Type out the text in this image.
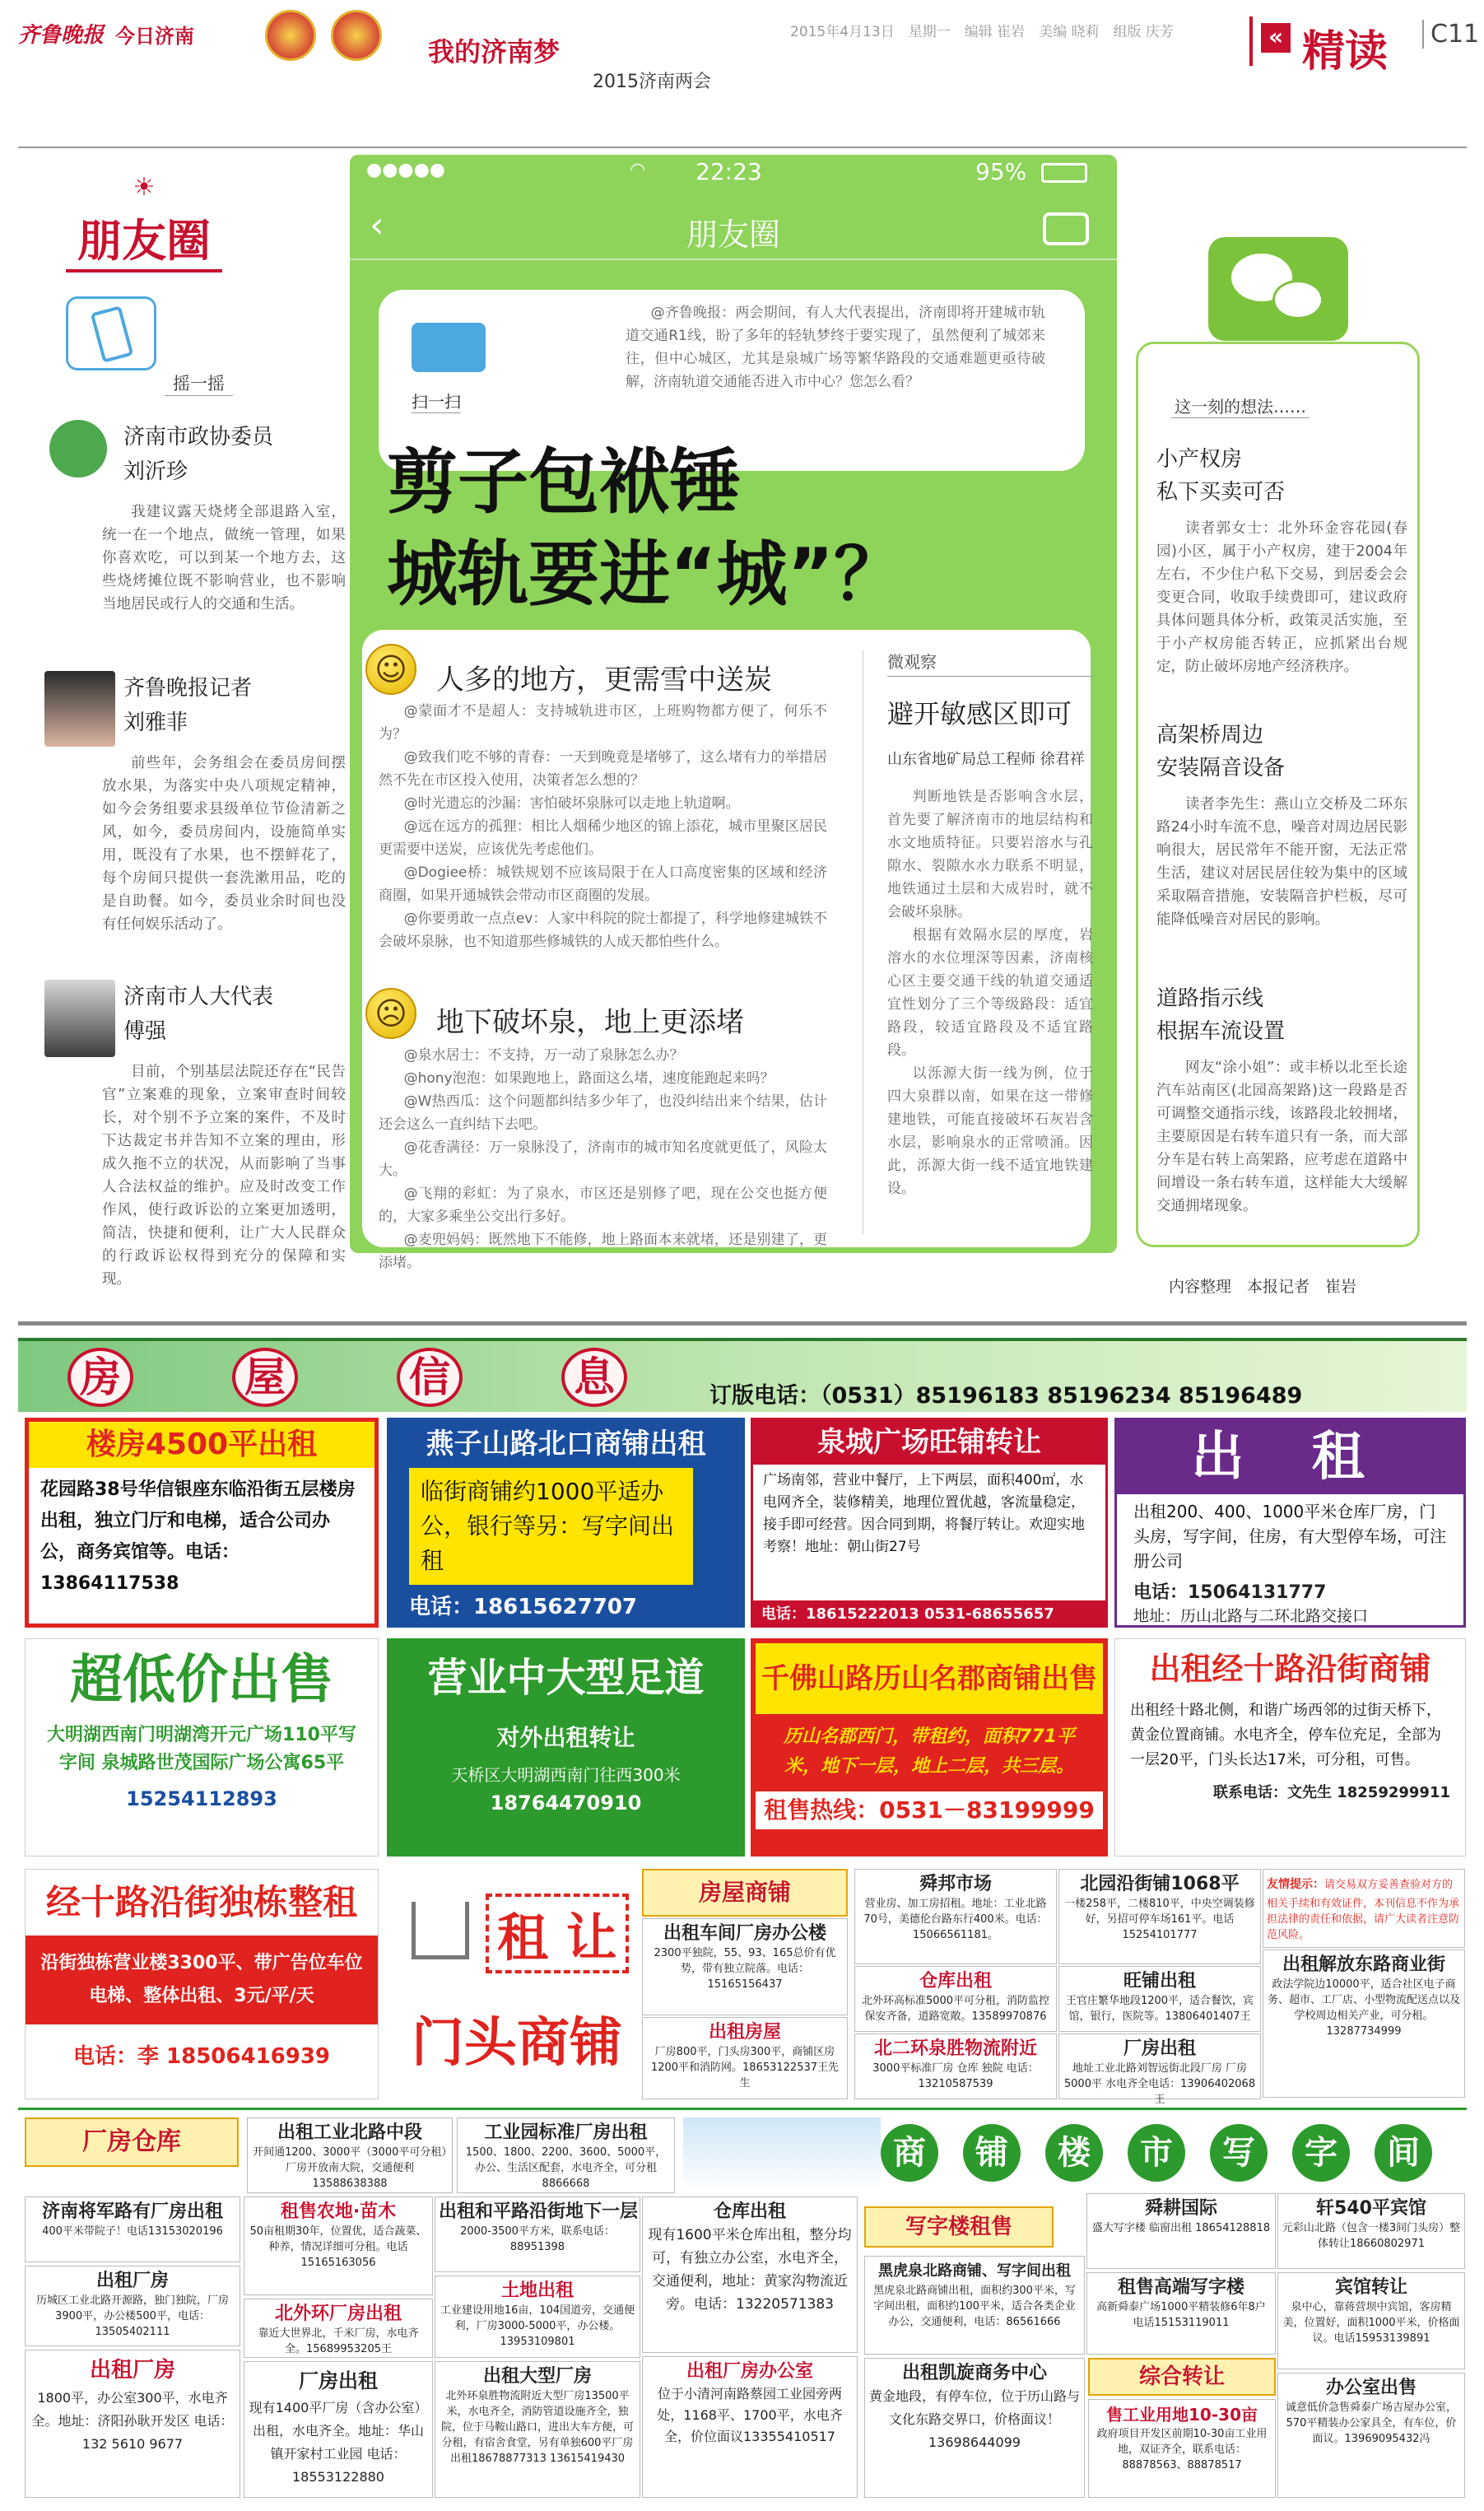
齐鲁晚报 今日济南	我的济南梦
2015济南两会
2015年4月13日　星期一　编辑 崔岩　美编 晓莉　组版 庆芳	« 精读	C11
☀
朋友圈
摇一摇
济南市政协委员
刘沂珍
我建议露天烧烤全部退路入室，统一在一个地点，做统一管理，如果你喜欢吃，可以到某一个地方去，这些烧烤摊位既不影响营业，也不影响当地居民或行人的交通和生活。
齐鲁晚报记者
刘雅菲
前些年，会务组会在委员房间摆放水果，为落实中央八项规定精神，如今会务组要求县级单位节俭清新之风，如今，委员房间内，设施简单实用，既没有了水果，也不摆鲜花了，每个房间只提供一套洗漱用品，吃的是自助餐。如今，委员业余时间也没有任何娱乐活动了。
济南市人大代表
傅强
目前，个别基层法院还存在“民告官”立案难的现象，立案审查时间较长，对个别不予立案的案件，不及时下达裁定书并告知不立案的理由，形成久拖不立的状况，从而影响了当事人合法权益的维护。应及时改变工作作风，使行政诉讼的立案更加透明，简洁，快捷和便利，让广大人民群众的行政诉讼权得到充分的保障和实现。
●●●●●	◠ 22:23	95%
‹	朋友圈
扫一扫
@齐鲁晚报：两会期间，有人大代表提出，济南即将开建城市轨道交通R1线，盼了多年的轻轨梦终于要实现了，虽然便利了城郊来往，但中心城区，尤其是泉城广场等繁华路段的交通难题更亟待破解，济南轨道交通能否进入市中心？您怎么看？
剪子包袱锤
城轨要进“城”？
☺	人多的地方，更需雪中送炭

@蒙面才不是超人：支持城轨进市区，上班购物都方便了，何乐不为？

@致我们吃不够的青春：一天到晚竟是堵够了，这么堵有力的举措居然不先在市区投入使用，决策者怎么想的？

@时光遗忘的沙漏：害怕破坏泉脉可以走地上轨道啊。

@远在远方的孤狸：相比人烟稀少地区的锦上添花，城市里聚区居民更需要中送炭，应该优先考虑他们。

@Dogiee桥：城铁规划不应该局限于在人口高度密集的区域和经济商圈，如果开通城铁会带动市区商圈的发展。

@你要勇敢一点点ev：人家中科院的院士都提了，科学地修建城铁不会破坏泉脉，也不知道那些修城铁的人成天都怕些什么。

☹	地下破坏泉，地上更添堵

@泉水居士：不支持，万一动了泉脉怎么办？

@hony泡泡：如果跑地上，路面这么堵，速度能跑起来吗？

@W热西瓜：这个问题都纠结多少年了，也没纠结出来个结果，估计还会这么一直纠结下去吧。

@花香满径：万一泉脉没了，济南市的城市知名度就更低了，风险太大。

@飞翔的彩虹：为了泉水，市区还是别修了吧，现在公交也挺方便的，大家多乘坐公交出行多好。

@麦兜妈妈：既然地下不能修，地上路面本来就堵，还是别建了，更添堵。

微观察
避开敏感区即可
山东省地矿局总工程师 徐君祥

判断地铁是否影响含水层，首先要了解济南市的地层结构和水文地质特征。只要岩溶水与孔隙水、裂隙水水力联系不明显，地铁通过土层和大成岩时，就不会破坏泉脉。

根据有效隔水层的厚度，岩溶水的水位埋深等因素，济南核心区主要交通干线的轨道交通适宜性划分了三个等级路段：适宜路段，较适宜路段及不适宜路段。

以泺源大街一线为例，位于四大泉群以南，如果在这一带修建地铁，可能直接破坏石灰岩含水层，影响泉水的正常喷涌。因此，泺源大街一线不适宜地铁建设。

这一刻的想法……
小产权房
私下买卖可否

读者郭女士：北外环金容花园(春园)小区，属于小产权房，建于2004年左右，不少住户私下交易，到居委会会变更合同，收取手续费即可，建议政府具体问题具体分析，政策灵活实施，至于小产权房能否转正，应抓紧出台规定，防止破坏房地产经济秩序。

高架桥周边
安装隔音设备

读者李先生：燕山立交桥及二环东路24小时车流不息，噪音对周边居民影响很大，居民常年不能开窗，无法正常生活，建议对居民居住较为集中的区域采取隔音措施，安装隔音护栏板，尽可能降低噪音对居民的影响。

道路指示线
根据车流设置

网友“涂小姐”：或丰桥以北至长途汽车站南区(北园高架路)这一段路是否可调整交通指示线，该路段北较拥堵，主要原因是右转车道只有一条，而大部分车是右转上高架路，应考虑在道路中间增设一条右转车道，这样能大大缓解交通拥堵现象。

内容整理　本报记者　崔岩
房	屋	信	息	订版电话：（0531）85196183 85196234 85196489
楼房4500平出租
花园路38号华信银座东临沿街五层楼房出租，独立门厅和电梯，适合公司办公，商务宾馆等。电话：13864117538
燕子山路北口商铺出租
临街商铺约1000平适办公，银行等另：写字间出租
电话：18615627707
泉城广场旺铺转让
广场南邻，营业中餐厅，上下两层，面积400㎡，水电网齐全，装修精美，地理位置优越，客流量稳定，接手即可经营。因合同到期，将餐厅转让。欢迎实地考察！地址：朝山街27号
电话：18615222013 0531-68655657
出 租
出租200、400、1000平米仓库厂房，门头房，写字间，住房，有大型停车场，可注册公司
电话：15064131777
地址：历山北路与二环北路交接口
超低价出售
大明湖西南门明湖湾开元广场110平写字间 泉城路世茂国际广场公寓65平
15254112893
营业中大型足道
对外出租转让
天桥区大明湖西南门往西300米
18764470910
千佛山路历山名郡商铺出售
历山名郡西门，带租约，面积771平米，地下一层，地上二层，共三层。
租售热线：0531－83199999
出租经十路沿街商铺
出租经十路北侧，和谐广场西邻的过街天桥下，黄金位置商铺。水电齐全，停车位充足，全部为一层20平，门头长达17米，可分租，可售。
联系电话：文先生 18259299911
经十路沿街独栋整租
沿街独栋营业楼3300平、带广告位车位电梯、整体出租、3元/平/天
电话：李 18506416939
租 让
门头商铺
房屋商铺	舜邦市场
营业房、加工房招租。地址：工业北路70号，美德伦台路东行400米。电话：15066561181。
北园沿街铺1068平
一楼258平，二楼810平，中央空调装修好，另招可停车场161平。电话15254101777
友情提示：请交易双方妥善查验对方的相关手续和有效证件，本刊信息不作为承担法律的责任和依据，请广大读者注意防范风险。
出租车间厂房办公楼
2300平独院，55、93、165总价有优势，带有独立院落。电话：15165156437	仓库出租
北外环高标准5000平可分租，消防监控保安齐备，道路宽敞。13589970876
旺铺出租
王官庄繁华地段1200平，适合餐饮，宾馆，银行，医院等。13806401407王
出租解放东路商业街
政法学院边10000平，适合社区电子商务、超市、工厂店、小型物流配送点以及学校周边相关产业，可分租。13287734999
出租房屋
厂房800平，门头房300平，商铺区房1200平和消防网。18653122537王先生
北二环泉胜物流附近
3000平标准厂房 仓库 独院 电话：13210587539
厂房出租
地址工业北路刘智远街北段厂房 厂房5000平 水电齐全电话：13906402068 王
厂房仓库	商	铺	楼	市	写	字	间
出租工业北路中段
开间通1200、3000平（3000平可分租）厂房开放南大院，交通便利13588638388
工业园标准厂房出租
1500、1800、2200、3600、5000平，办公、生活区配套，水电齐全，可分租8866668
舜耕国际
盛大写字楼 临窗出租 18654128818
轩540平宾馆
元彩山北路（包含一楼3间门头房）整体转让18660802971
济南将军路有厂房出租
400平米带院子！电话13153020196
租售农地·苗木
50亩租期30年，位置优，适合蔬菜、种养，情况详细可分租。电话15165163056
出租和平路沿街地下一层
2000-3500平方米，联系电话：88951398
仓库出租
现有1600平米仓库出租，整分均可，有独立办公室，水电齐全，交通便利，地址：黄家沟物流近旁。电话：13220571383
写字楼租售
黑虎泉北路商铺、写字间出租
黑虎泉北路商铺出租，面积约300平米，写字间出租，面积约100平米，适合各类企业办公，交通便利，电话：86561666
宾馆转让
泉中心，靠蒋营坝中宾馆，客房精美，位置好，面积1000平米，价格面议。电话15953139891
出租厂房
历城区工业北路开源路，独门独院，厂房3900平，办公楼500平，电话：13505402111
北外环厂房出租
靠近大世界北，千米厂房，水电齐全。15689953205王
土地出租
工业建设用地16亩，104国道旁，交通便利，厂房3000-5000平，办公楼。13953109801
租售高端写字楼
高新舜泰广场1000平精装修6年8户 电话15153119011
出租厂房
1800平，办公室300平，水电齐全。地址：济阳孙耿开发区 电话：132 5610 9677
厂房出租
现有1400平厂房（含办公室）出租，水电齐全。地址：华山镇开家村工业园 电话：18553122880
出租大型厂房
北外环泉胜物流附近大型厂房13500平米，水电齐全，消防管道设施齐全，独院，位于马鞍山路口，进出大车方便，可分租，有宿舍食堂，另有单独600平厂房出租18678877313 13615419430
出租厂房办公室
位于小清河南路蔡园工业园旁两处，1168平、1700平，水电齐全，价位面议13355410517
出租凯旋商务中心
黄金地段，有停车位，位于历山路与文化东路交界口，价格面议！13698644099
综合转让
售工业用地10-30亩
政府项目开发区前期10-30亩工业用地，双证齐全，联系电话：88878563、88878517
办公室出售
诚意低价急售舜泰广场吉屋办公室，570平精装办公家具全，有车位，价面议。13969095432冯
